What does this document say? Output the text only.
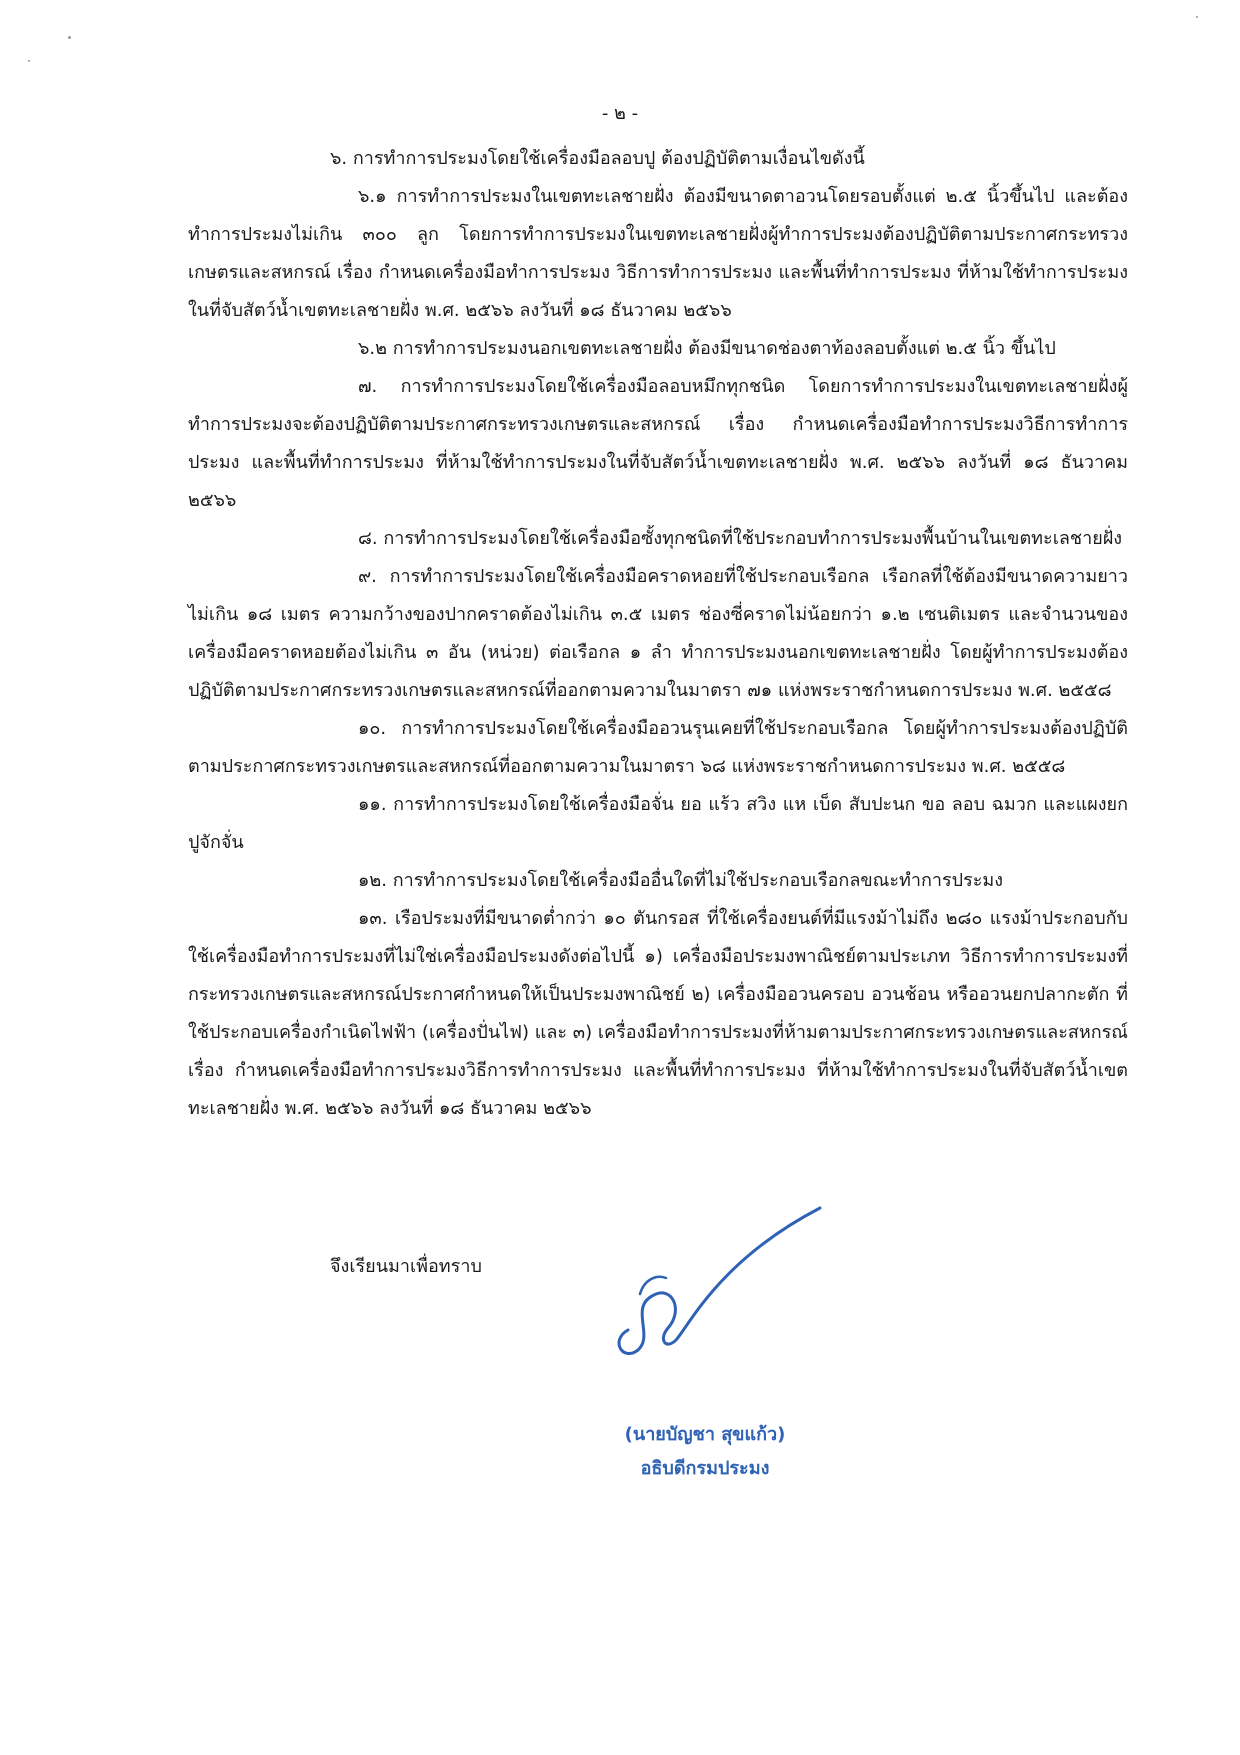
- ๒ -

๖. การทำการประมงโดยใช้เครื่องมือลอบปู ต้องปฏิบัติตามเงื่อนไขดังนี้

๖.๑ การทำการประมงในเขตทะเลชายฝั่ง ต้องมีขนาดตาอวนโดยรอบตั้งแต่ ๒.๕ นิ้วขึ้นไป และต้องทำการประมงไม่เกิน ๓๐๐ ลูก โดยการทำการประมงในเขตทะเลชายฝั่งผู้ทำการประมงต้องปฏิบัติตามประกาศกระทรวงเกษตรและสหกรณ์ เรื่อง กำหนดเครื่องมือทำการประมง วิธีการทำการประมง และพื้นที่ทำการประมง ที่ห้ามใช้ทำการประมงในที่จับสัตว์น้ำเขตทะเลชายฝั่ง พ.ศ. ๒๕๖๖ ลงวันที่ ๑๘ ธันวาคม ๒๕๖๖

๖.๒ การทำการประมงนอกเขตทะเลชายฝั่ง ต้องมีขนาดช่องตาท้องลอบตั้งแต่ ๒.๕ นิ้ว ขึ้นไป

๗. การทำการประมงโดยใช้เครื่องมือลอบหมึกทุกชนิด โดยการทำการประมงในเขตทะเลชายฝั่งผู้ทำการประมงจะต้องปฏิบัติตามประกาศกระทรวงเกษตรและสหกรณ์ เรื่อง กำหนดเครื่องมือทำการประมงวิธีการทำการประมง และพื้นที่ทำการประมง ที่ห้ามใช้ทำการประมงในที่จับสัตว์น้ำเขตทะเลชายฝั่ง พ.ศ. ๒๕๖๖ ลงวันที่ ๑๘ ธันวาคม ๒๕๖๖

๘. การทำการประมงโดยใช้เครื่องมือซั้งทุกชนิดที่ใช้ประกอบทำการประมงพื้นบ้านในเขตทะเลชายฝั่ง

๙. การทำการประมงโดยใช้เครื่องมือคราดหอยที่ใช้ประกอบเรือกล เรือกลที่ใช้ต้องมีขนาดความยาวไม่เกิน ๑๘ เมตร ความกว้างของปากคราดต้องไม่เกิน ๓.๕ เมตร ช่องซี่คราดไม่น้อยกว่า ๑.๒ เซนติเมตร และจำนวนของเครื่องมือคราดหอยต้องไม่เกิน ๓ อัน (หน่วย) ต่อเรือกล ๑ ลำ ทำการประมงนอกเขตทะเลชายฝั่ง โดยผู้ทำการประมงต้องปฏิบัติตามประกาศกระทรวงเกษตรและสหกรณ์ที่ออกตามความในมาตรา ๗๑ แห่งพระราชกำหนดการประมง พ.ศ. ๒๕๕๘

๑๐. การทำการประมงโดยใช้เครื่องมืออวนรุนเคยที่ใช้ประกอบเรือกล โดยผู้ทำการประมงต้องปฏิบัติตามประกาศกระทรวงเกษตรและสหกรณ์ที่ออกตามความในมาตรา ๖๘ แห่งพระราชกำหนดการประมง พ.ศ. ๒๕๕๘

๑๑. การทำการประมงโดยใช้เครื่องมือจั่น ยอ แร้ว สวิง แห เบ็ด สับปะนก ขอ ลอบ ฉมวก และแผงยกปูจักจั่น

๑๒. การทำการประมงโดยใช้เครื่องมืออื่นใดที่ไม่ใช้ประกอบเรือกลขณะทำการประมง

๑๓. เรือประมงที่มีขนาดต่ำกว่า ๑๐ ตันกรอส ที่ใช้เครื่องยนต์ที่มีแรงม้าไม่ถึง ๒๘๐ แรงม้าประกอบกับใช้เครื่องมือทำการประมงที่ไม่ใช่เครื่องมือประมงดังต่อไปนี้ ๑) เครื่องมือประมงพาณิชย์ตามประเภท วิธีการทำการประมงที่กระทรวงเกษตรและสหกรณ์ประกาศกำหนดให้เป็นประมงพาณิชย์ ๒) เครื่องมืออวนครอบ อวนช้อน หรืออวนยกปลากะตัก ที่ใช้ประกอบเครื่องกำเนิดไฟฟ้า (เครื่องปั่นไฟ) และ ๓) เครื่องมือทำการประมงที่ห้ามตามประกาศกระทรวงเกษตรและสหกรณ์ เรื่อง กำหนดเครื่องมือทำการประมงวิธีการทำการประมง และพื้นที่ทำการประมง ที่ห้ามใช้ทำการประมงในที่จับสัตว์น้ำเขตทะเลชายฝั่ง พ.ศ. ๒๕๖๖ ลงวันที่ ๑๘ ธันวาคม ๒๕๖๖

จึงเรียนมาเพื่อทราบ
(นายบัญชา สุขแก้ว)
อธิบดีกรมประมง
